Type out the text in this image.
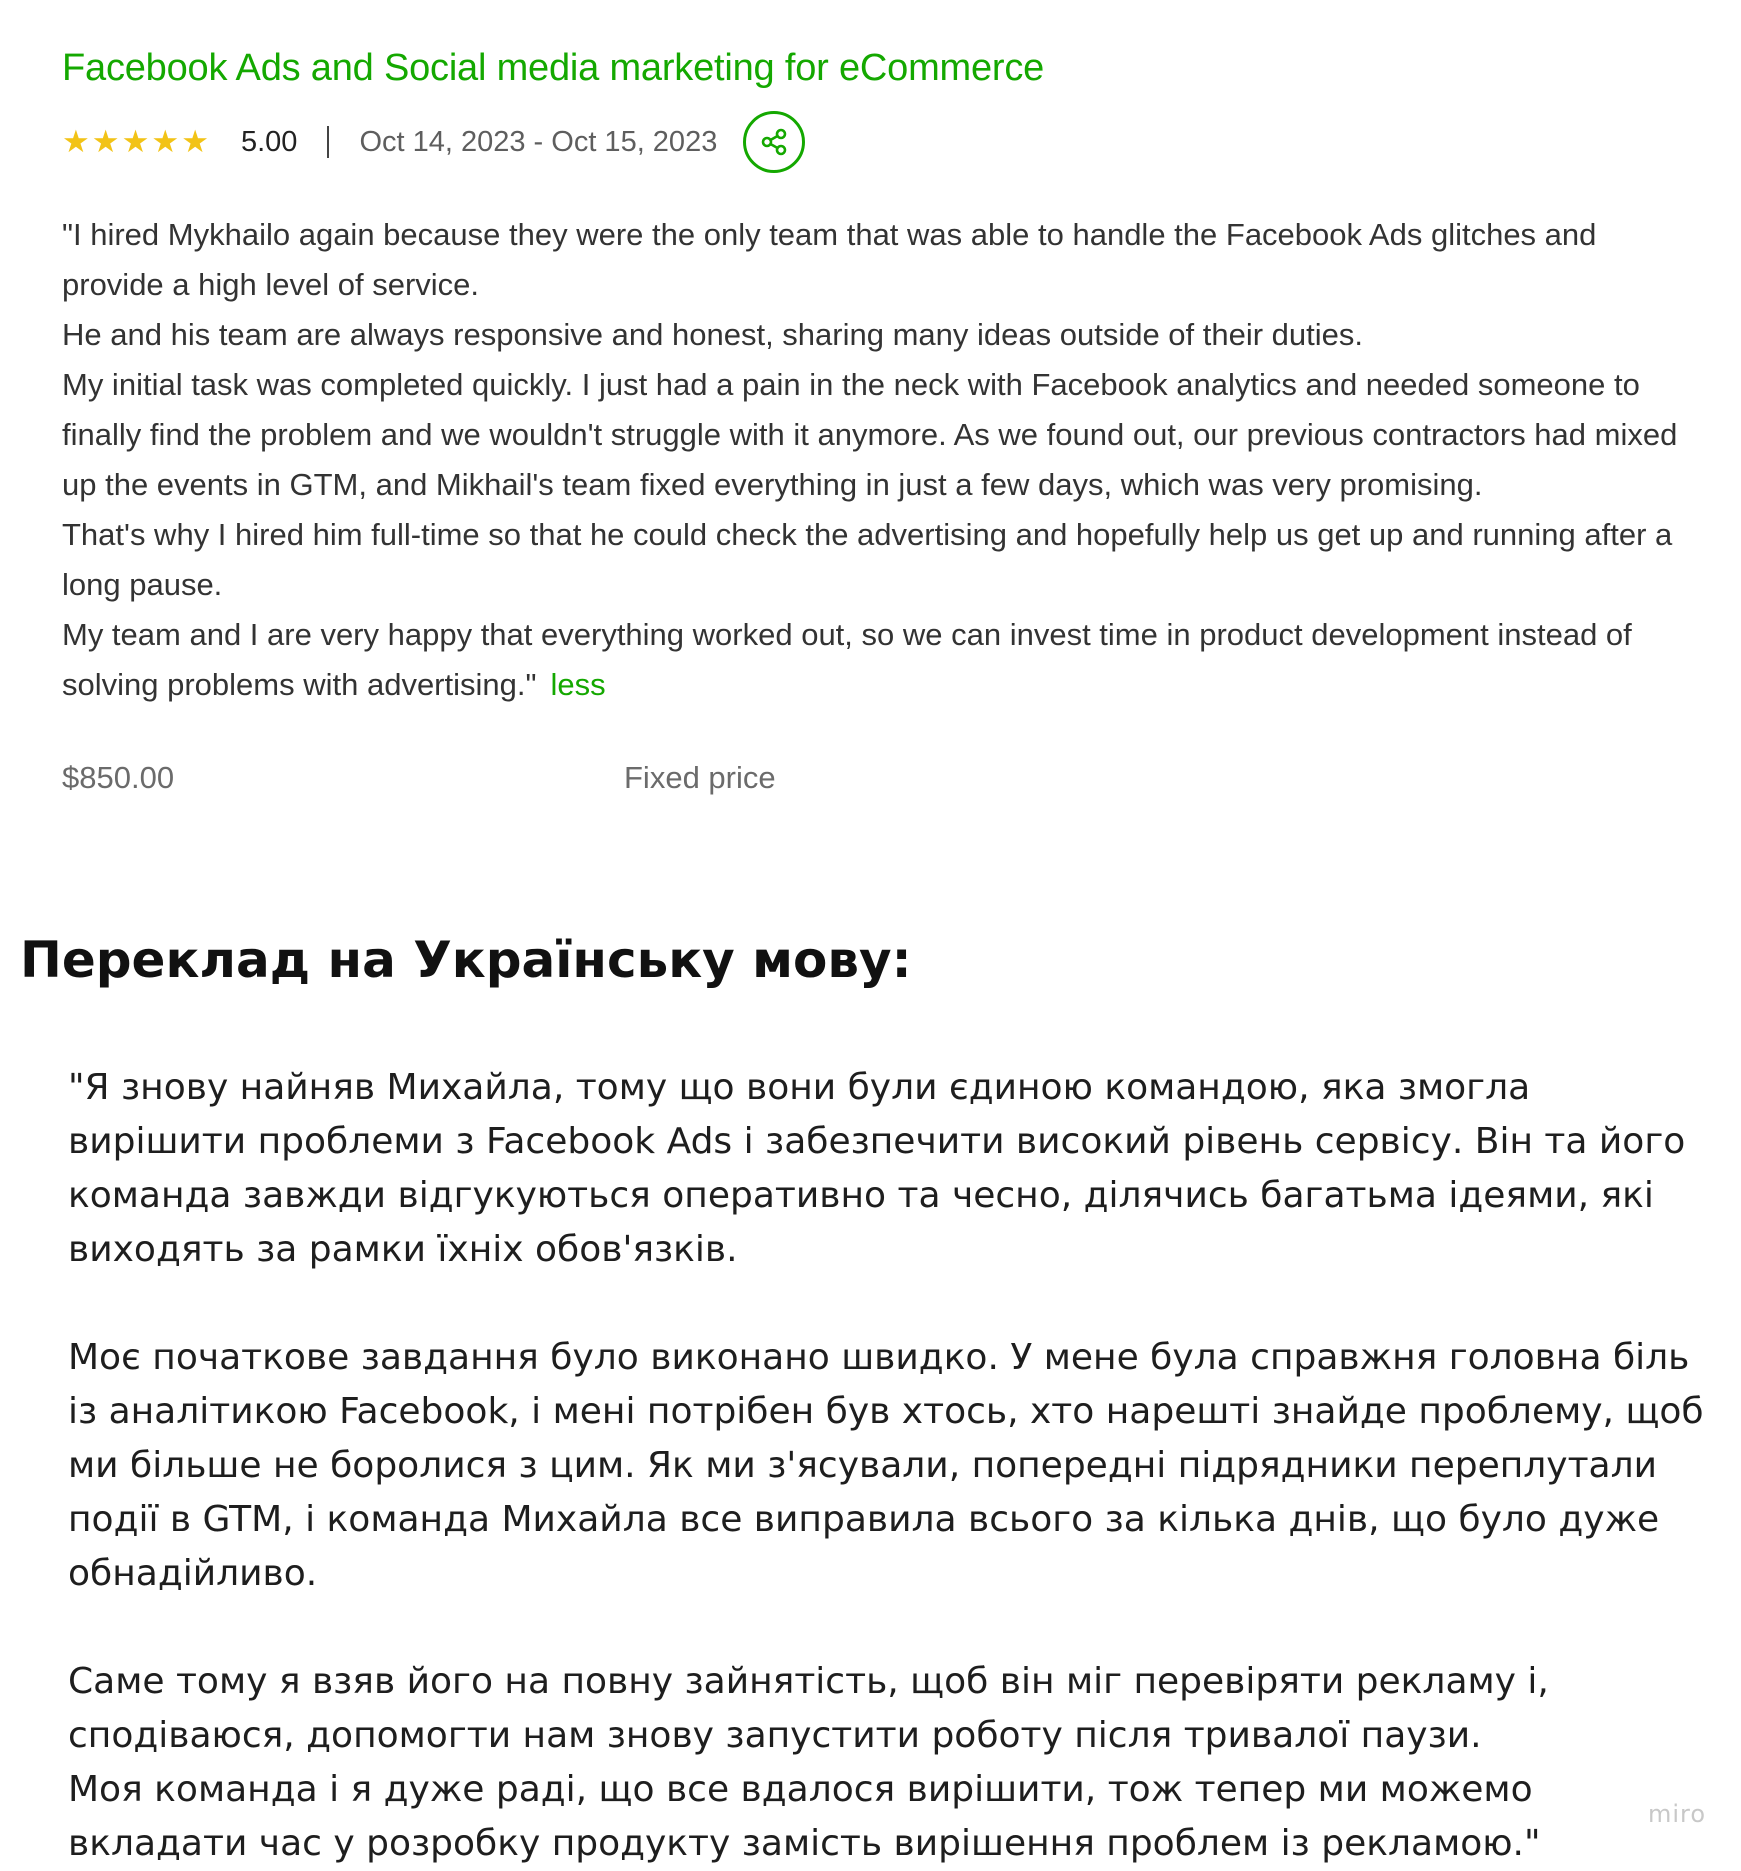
Facebook Ads and Social media marketing for eCommerce
★ ★ ★ ★ ★ 5.00 Oct 14, 2023 - Oct 15, 2023

"I hired Mykhailo again because they were the only team that was able to handle the Facebook Ads glitches and provide a high level of service.

He and his team are always responsive and honest, sharing many ideas outside of their duties.

My initial task was completed quickly. I just had a pain in the neck with Facebook analytics and needed someone to finally find the problem and we wouldn't struggle with it anymore. As we found out, our previous contractors had mixed up the events in GTM, and Mikhail's team fixed everything in just a few days, which was very promising.

That's why I hired him full-time so that he could check the advertising and hopefully help us get up and running after a long pause.

My team and I are very happy that everything worked out, so we can invest time in product development instead of solving problems with advertising." less

$850.00	Fixed price
Переклад на Українську мову:

"Я знову найняв Михайла, тому що вони були єдиною командою, яка змогла вирішити проблеми з Facebook Ads і забезпечити високий рівень сервісу. Він та його команда завжди відгукуються оперативно та чесно, ділячись багатьма ідеями, які виходять за рамки їхніх обов'язків.

Моє початкове завдання було виконано швидко. У мене була справжня головна біль із аналітикою Facebook, і мені потрібен був хтось, хто нарешті знайде проблему, щоб ми більше не боролися з цим. Як ми з'ясували, попередні підрядники переплутали події в GTM, і команда Михайла все виправила всього за кілька днів, що було дуже обнадійливо.

Саме тому я взяв його на повну зайнятість, щоб він міг перевіряти рекламу і, сподіваюся, допомогти нам знову запустити роботу після тривалої паузи.

Моя команда і я дуже раді, що все вдалося вирішити, тож тепер ми можемо вкладати час у розробку продукту замість вирішення проблем із рекламою."

miro
